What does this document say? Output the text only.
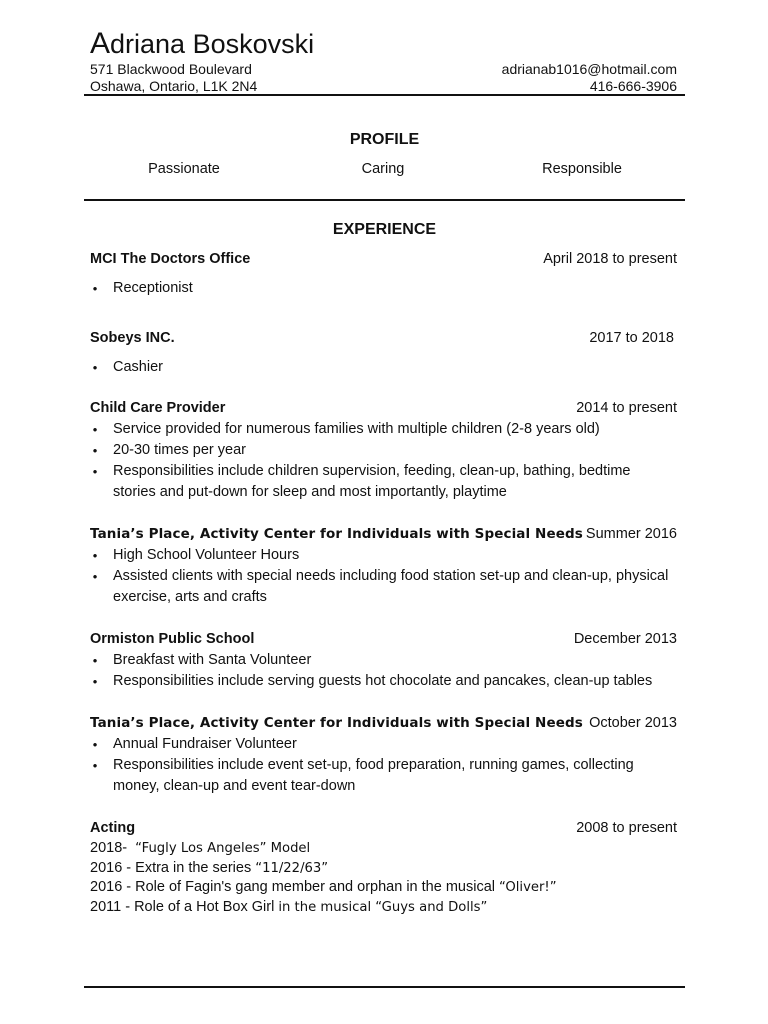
Adriana Boskovski
571 Blackwood Boulevard
Oshawa, Ontario, L1K 2N4
adrianab1016@hotmail.com
416-666-3906
PROFILE
Passionate	Caring	Responsible
EXPERIENCE
MCI The Doctors Office	April 2018 to present
• Receptionist
Sobeys INC.	2017 to 2018
• Cashier
Child Care Provider	2014 to present
• Service provided for numerous families with multiple children (2-8 years old)
• 20-30 times per year
• Responsibilities include children supervision, feeding, clean-up, bathing, bedtime stories and put-down for sleep and most importantly, playtime
Tania’s Place, Activity Center for Individuals with Special Needs Summer 2016
• High School Volunteer Hours
• Assisted clients with special needs including food station set-up and clean-up, physical exercise, arts and crafts
Ormiston Public School	December 2013
• Breakfast with Santa Volunteer
• Responsibilities include serving guests hot chocolate and pancakes, clean-up tables
Tania’s Place, Activity Center for Individuals with Special Needs October 2013
• Annual Fundraiser Volunteer
• Responsibilities include event set-up, food preparation, running games, collecting money, clean-up and event tear-down
Acting	2008 to present
2018-  “Fugly Los Angeles” Model
2016 - Extra in the series “11/22/63”
2016 - Role of Fagin's gang member and orphan in the musical “Oliver!”
2011 - Role of a Hot Box Girl in the musical “Guys and Dolls”
